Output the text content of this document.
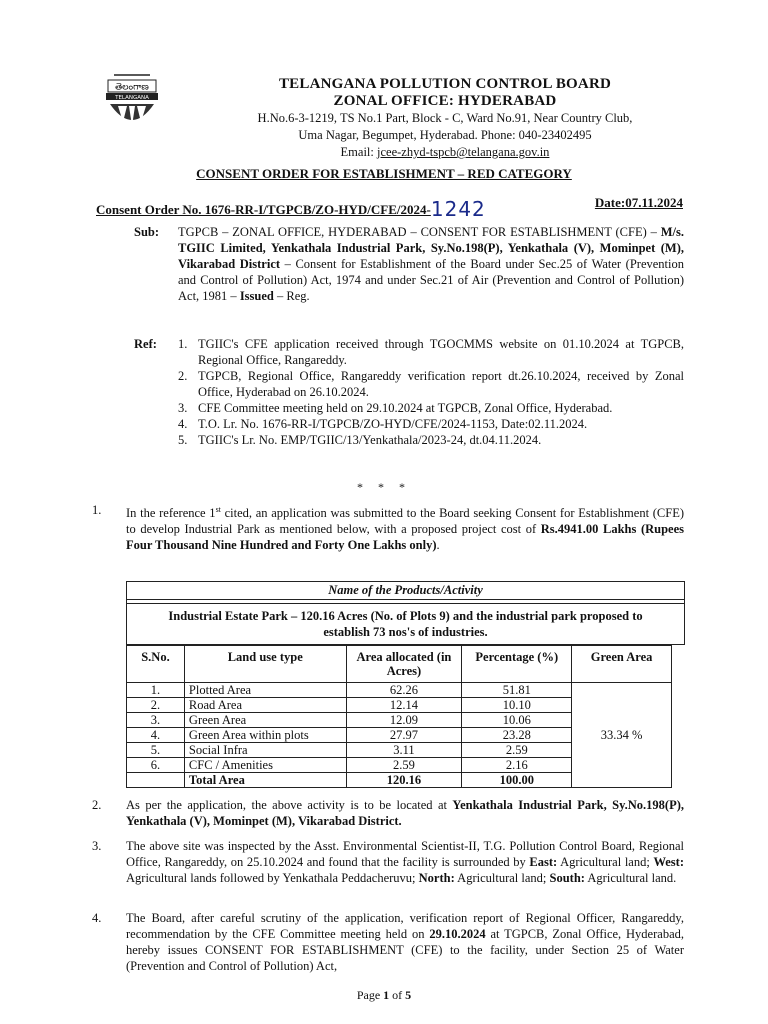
తెలంగాణ
TELANGANA
TELANGANA POLLUTION CONTROL BOARD
ZONAL OFFICE: HYDERABAD
H.No.6-3-1219, TS No.1 Part, Block - C, Ward No.91, Near Country Club,
Uma Nagar, Begumpet, Hyderabad. Phone: 040-23402495
Email: jcee-zhyd-tspcb@telangana.gov.in
CONSENT ORDER FOR ESTABLISHMENT – RED CATEGORY
Consent Order No. 1676-RR-I/TGPCB/ZO-HYD/CFE/2024-1242	Date:07.11.2024
Sub: TGPCB – ZONAL OFFICE, HYDERABAD – CONSENT FOR ESTABLISHMENT (CFE) – M/s. TGIIC Limited, Yenkathala Industrial Park, Sy.No.198(P), Yenkathala (V), Mominpet (M), Vikarabad District – Consent for Establishment of the Board under Sec.25 of Water (Prevention and Control of Pollution) Act, 1974 and under Sec.21 of Air (Prevention and Control of Pollution) Act, 1981 – Issued – Reg.
Ref: 1. TGIIC's CFE application received through TGOCMMS website on 01.10.2024 at TGPCB, Regional Office, Rangareddy.
2. TGPCB, Regional Office, Rangareddy verification report dt.26.10.2024, received by Zonal Office, Hyderabad on 26.10.2024.
3. CFE Committee meeting held on 29.10.2024 at TGPCB, Zonal Office, Hyderabad.
4. T.O. Lr. No. 1676-RR-I/TGPCB/ZO-HYD/CFE/2024-1153, Date:02.11.2024.
5. TGIIC's Lr. No. EMP/TGIIC/13/Yenkathala/2023-24, dt.04.11.2024.
* * *
1. In the reference 1st cited, an application was submitted to the Board seeking Consent for Establishment (CFE) to develop Industrial Park as mentioned below, with a proposed project cost of Rs.4941.00 Lakhs (Rupees Four Thousand Nine Hundred and Forty One Lakhs only).
Name of the Products/Activity
Industrial Estate Park – 120.16 Acres (No. of Plots 9) and the industrial park proposed to establish 73 nos's of industries.
S.No.	Land use type	Area allocated (in Acres)	Percentage (%)	Green Area
1.	Plotted Area	62.26	51.81	33.34 %
2.	Road Area	12.14	10.10	
3.	Green Area	12.09	10.06	
4.	Green Area within plots	27.97	23.28	
5.	Social Infra	3.11	2.59	
6.	CFC / Amenities	2.59	2.16	
	Total Area	120.16	100.00	
2. As per the application, the above activity is to be located at Yenkathala Industrial Park, Sy.No.198(P), Yenkathala (V), Mominpet (M), Vikarabad District.
3. The above site was inspected by the Asst. Environmental Scientist-II, T.G. Pollution Control Board, Regional Office, Rangareddy, on 25.10.2024 and found that the facility is surrounded by East: Agricultural land; West: Agricultural lands followed by Yenkathala Peddacheruvu; North: Agricultural land; South: Agricultural land.
4. The Board, after careful scrutiny of the application, verification report of Regional Officer, Rangareddy, recommendation by the CFE Committee meeting held on 29.10.2024 at TGPCB, Zonal Office, Hyderabad, hereby issues CONSENT FOR ESTABLISHMENT (CFE) to the facility, under Section 25 of Water (Prevention and Control of Pollution) Act,
Page 1 of 5
